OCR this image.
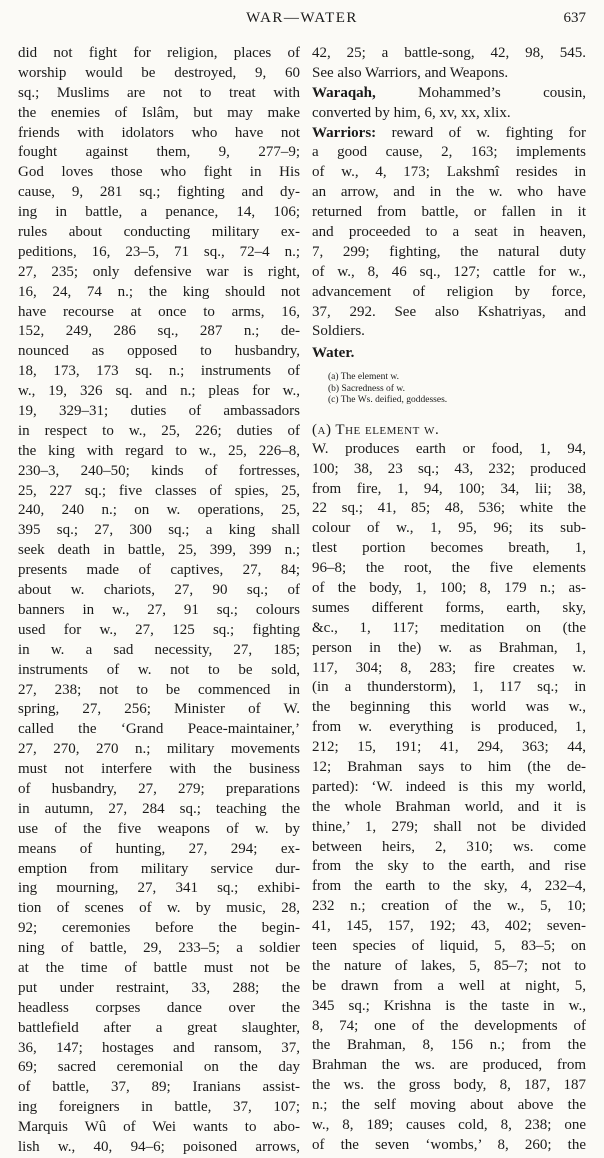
WAR—WATER	637
did not fight for religion, places of
worship would be destroyed, 9, 60
sq.; Muslims are not to treat with
the enemies of Islâm, but may make
friends with idolators who have not
fought against them, 9, 277–9;
God loves those who fight in His
cause, 9, 281 sq.; fighting and dy-
ing in battle, a penance, 14, 106;
rules about conducting military ex-
peditions, 16, 23–5, 71 sq., 72–4 n.;
27, 235; only defensive war is right,
16, 24, 74 n.; the king should not
have recourse at once to arms, 16,
152, 249, 286 sq., 287 n.; de-
nounced as opposed to husbandry,
18, 173, 173 sq. n.; instruments of
w., 19, 326 sq. and n.; pleas for w.,
19, 329–31; duties of ambassadors
in respect to w., 25, 226; duties of
the king with regard to w., 25, 226–8,
230–3, 240–50; kinds of fortresses,
25, 227 sq.; five classes of spies, 25,
240, 240 n.; on w. operations, 25,
395 sq.; 27, 300 sq.; a king shall
seek death in battle, 25, 399, 399 n.;
presents made of captives, 27, 84;
about w. chariots, 27, 90 sq.; of
banners in w., 27, 91 sq.; colours
used for w., 27, 125 sq.; fighting
in w. a sad necessity, 27, 185;
instruments of w. not to be sold,
27, 238; not to be commenced in
spring, 27, 256; Minister of W.
called the ‘Grand Peace-maintainer,’
27, 270, 270 n.; military movements
must not interfere with the business
of husbandry, 27, 279; preparations
in autumn, 27, 284 sq.; teaching the
use of the five weapons of w. by
means of hunting, 27, 294; ex-
emption from military service dur-
ing mourning, 27, 341 sq.; exhibi-
tion of scenes of w. by music, 28,
92; ceremonies before the begin-
ning of battle, 29, 233–5; a soldier
at the time of battle must not be
put under restraint, 33, 288; the
headless corpses dance over the
battlefield after a great slaughter,
36, 147; hostages and ransom, 37,
69; sacred ceremonial on the day
of battle, 37, 89; Iranians assist-
ing foreigners in battle, 37, 107;
Marquis Wû of Wei wants to abo-
lish w., 40, 94–6; poisoned arrows,
42, 25; a battle-song, 42, 98, 545.
See also Warriors, and Weapons.
Waraqah, Mohammed’s cousin,
converted by him, 6, xv, xx, xlix.
Warriors: reward of w. fighting for
a good cause, 2, 163; implements
of w., 4, 173; Lakshmî resides in
an arrow, and in the w. who have
returned from battle, or fallen in it
and proceeded to a seat in heaven,
7, 299; fighting, the natural duty
of w., 8, 46 sq., 127; cattle for w.,
advancement of religion by force,
37, 292. See also Kshatriyas, and
Soldiers.
Water.
(a) The element w.
(b) Sacredness of w.
(c) The Ws. deified, goddesses.
(a) The element w.
W. produces earth or food, 1, 94,
100; 38, 23 sq.; 43, 232; produced
from fire, 1, 94, 100; 34, lii; 38,
22 sq.; 41, 85; 48, 536; white the
colour of w., 1, 95, 96; its sub-
tlest portion becomes breath, 1,
96–8; the root, the five elements
of the body, 1, 100; 8, 179 n.; as-
sumes different forms, earth, sky,
&c., 1, 117; meditation on (the
person in the) w. as Brahman, 1,
117, 304; 8, 283; fire creates w.
(in a thunderstorm), 1, 117 sq.; in
the beginning this world was w.,
from w. everything is produced, 1,
212; 15, 191; 41, 294, 363; 44,
12; Brahman says to him (the de-
parted): ‘W. indeed is this my world,
the whole Brahman world, and it is
thine,’ 1, 279; shall not be divided
between heirs, 2, 310; ws. come
from the sky to the earth, and rise
from the earth to the sky, 4, 232–4,
232 n.; creation of the w., 5, 10;
41, 145, 157, 192; 43, 402; seven-
teen species of liquid, 5, 83–5; on
the nature of lakes, 5, 85–7; not to
be drawn from a well at night, 5,
345 sq.; Krishna is the taste in w.,
8, 74; one of the developments of
the Brahman, 8, 156 n.; from the
Brahman the ws. are produced, from
the ws. the gross body, 8, 187, 187
n.; the self moving about above the
w., 8, 189; causes cold, 8, 238; one
of the seven ‘wombs,’ 8, 260; the
